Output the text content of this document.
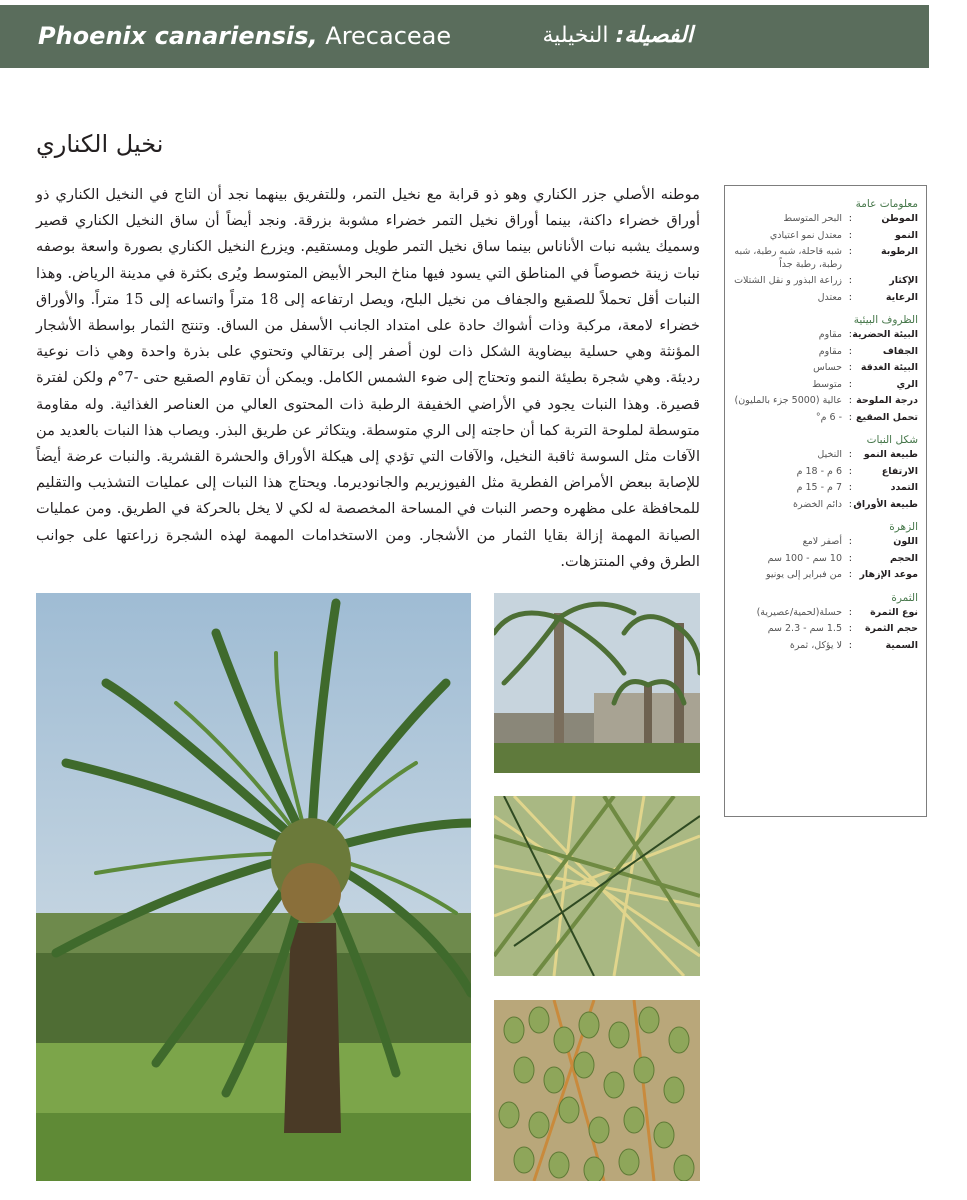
Phoenix canariensis, Arecaceae	الفصيلة: النخيلية
نخيل الكناري

موطنه الأصلي جزر الكناري وهو ذو قرابة مع نخيل التمر، وللتفريق بينهما نجد أن التاج في النخيل الكناري ذو أوراق خضراء داكنة، بينما أوراق نخيل التمر خضراء مشوبة بزرقة. ونجد أيضاً أن ساق النخيل الكناري قصير وسميك يشبه نبات الأناناس بينما ساق نخيل التمر طويل ومستقيم. ويزرع النخيل الكناري بصورة واسعة بوصفه نبات زينة خصوصاً في المناطق التي يسود فيها مناخ البحر الأبيض المتوسط ويُرى بكثرة في مدينة الرياض. وهذا النبات أقل تحملاً للصقيع والجفاف من نخيل البلح، ويصل ارتفاعه إلى 18 متراً واتساعه إلى 15 متراً. والأوراق خضراء لامعة، مركبة وذات أشواك حادة على امتداد الجانب الأسفل من الساق. وتنتج الثمار بواسطة الأشجار المؤنثة وهي حسلية بيضاوية الشكل ذات لون أصفر إلى برتقالي وتحتوي على بذرة واحدة وهي ذات نوعية رديئة. وهي شجرة بطيئة النمو وتحتاج إلى ضوء الشمس الكامل. ويمكن أن تقاوم الصقيع حتى -7°م ولكن لفترة قصيرة. وهذا النبات يجود في الأراضي الخفيفة الرطبة ذات المحتوى العالي من العناصر الغذائية. وله مقاومة متوسطة لملوحة التربة كما أن حاجته إلى الري متوسطة. ويتكاثر عن طريق البذر. ويصاب هذا النبات بالعديد من الآفات مثل السوسة ثاقبة النخيل، والآفات التي تؤدي إلى هيكلة الأوراق والحشرة القشرية. والنبات عرضة أيضاً للإصابة ببعض الأمراض الفطرية مثل الفيوزيريم والجانوديرما. ويحتاج هذا النبات إلى عمليات التشذيب والتقليم للمحافظة على مظهره وحصر النبات في المساحة المخصصة له لكي لا يخل بالحركة في الطريق. ومن عمليات الصيانة المهمة إزالة بقايا الثمار من الأشجار. ومن الاستخدامات المهمة لهذه الشجرة زراعتها على جوانب الطرق وفي المنتزهات.

معلومات عامة
الموطن
:
البحر المتوسط
النمو
:
معتدل نمو اعتيادي
الرطوبة
:
شبه قاحلة، شبه رطبة، شبه رطبة، رطبة جداً
الإكثار
:
زراعة البذور و نقل الشتلات
الرعاية
:
معتدل
الظروف البيئية
البيئة الحضرية
:
مقاوم
الجفاف
:
مقاوم
البيئة الغدقة
:
حساس
الري
:
متوسط
درجة الملوحة
:
عالية (5000 جزء بالمليون)
تحمل الصقيع
:
- 6 م°
شكل النبات
طبيعة النمو
:
النخيل
الارتفاع
:
6 م - 18 م
التمدد
:
7 م - 15 م
طبيعة الأوراق
:
دائم الخضرة
الزهرة
اللون
:
أصفر لامع
الحجم
:
10 سم - 100 سم
موعد الإزهار
:
من فبراير إلى يونيو
الثمرة
نوع الثمرة
:
حسلة(لحمية/عصيرية)
حجم الثمرة
:
1.5 سم - 2.3 سم
السمية
:
لا يؤكل، ثمرة
